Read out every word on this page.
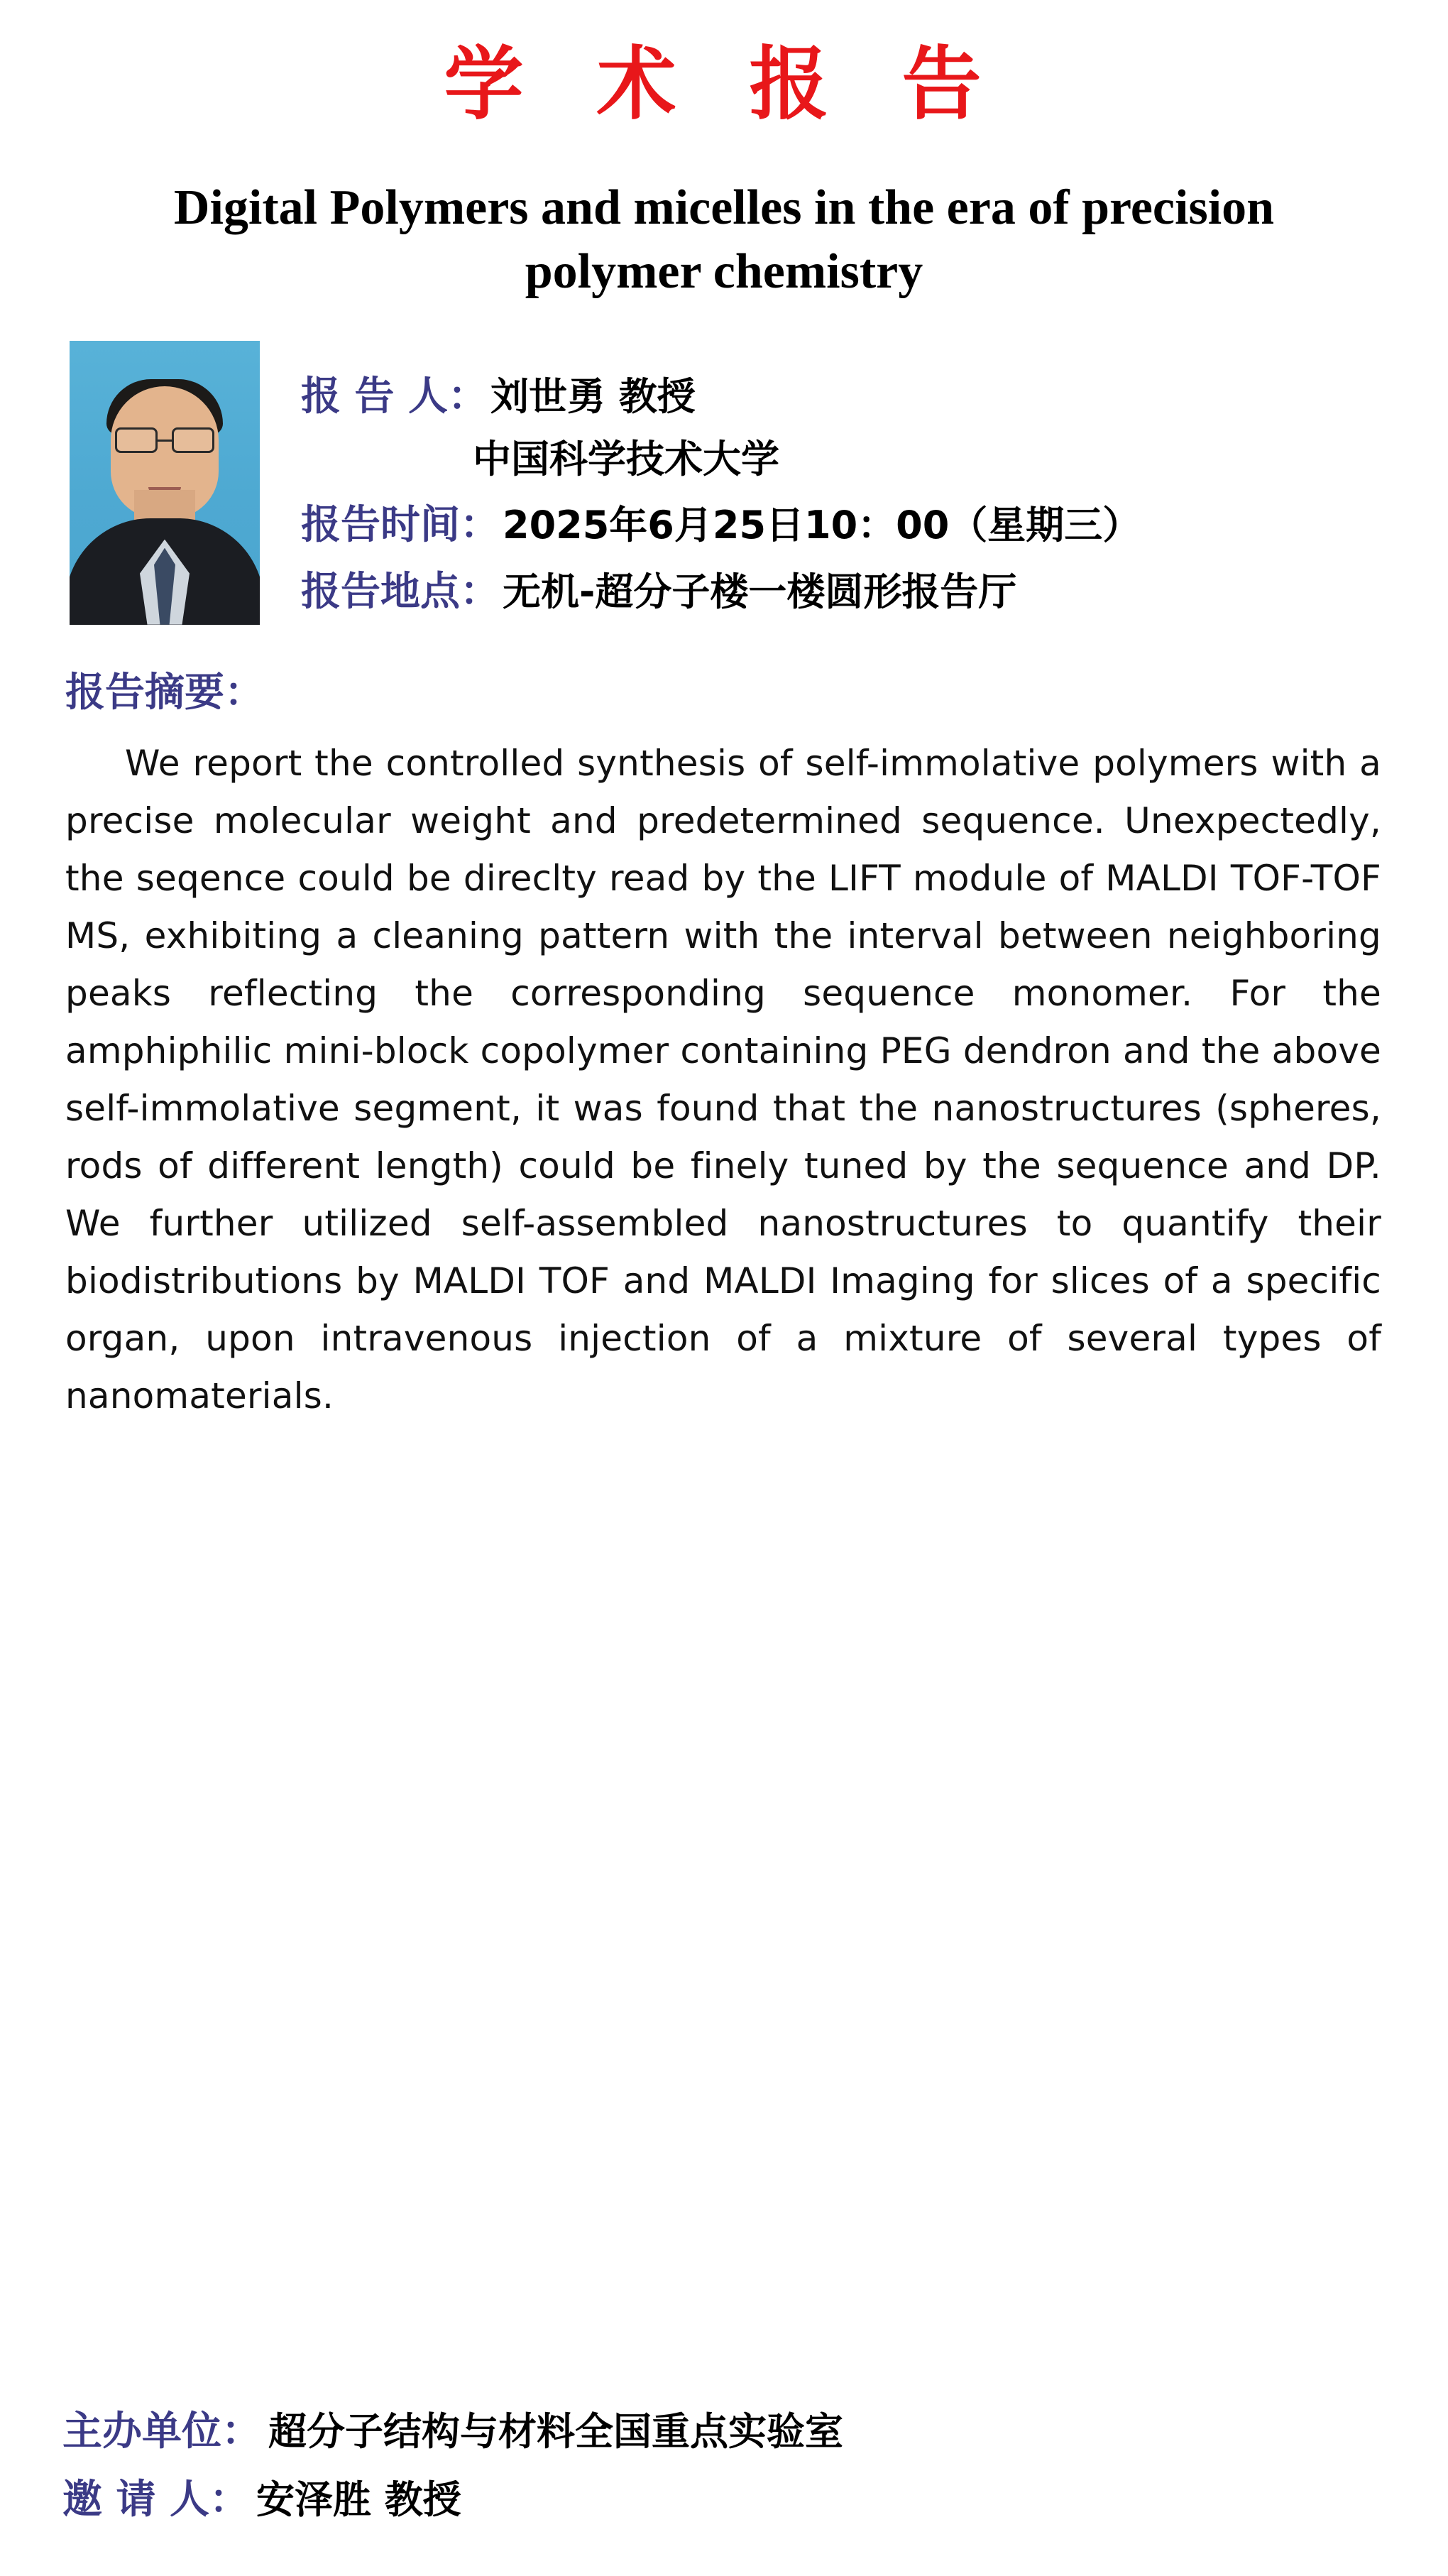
学 术 报 告
Digital Polymers and micelles in the era of precision polymer chemistry
报 告 人： 刘世勇 教授
中国科学技术大学
报告时间： 2025年6月25日10：00（星期三）
报告地点： 无机-超分子楼一楼圆形报告厅
报告摘要：
We report the controlled synthesis of self-immolative polymers with a precise molecular weight and predetermined sequence. Unexpectedly, the seqence could be direclty read by the LIFT module of MALDI TOF-TOF MS, exhibiting a cleaning pattern with the interval between neighboring peaks reflecting the corresponding sequence monomer. For the amphiphilic mini-block copolymer containing PEG dendron and the above self-immolative segment, it was found that the nanostructures (spheres, rods of different length) could be finely tuned by the sequence and DP. We further utilized self-assembled nanostructures to quantify their biodistributions by MALDI TOF and MALDI Imaging for slices of a specific organ, upon intravenous injection of a mixture of several types of nanomaterials.
主办单位： 超分子结构与材料全国重点实验室
邀 请 人： 安泽胜 教授
